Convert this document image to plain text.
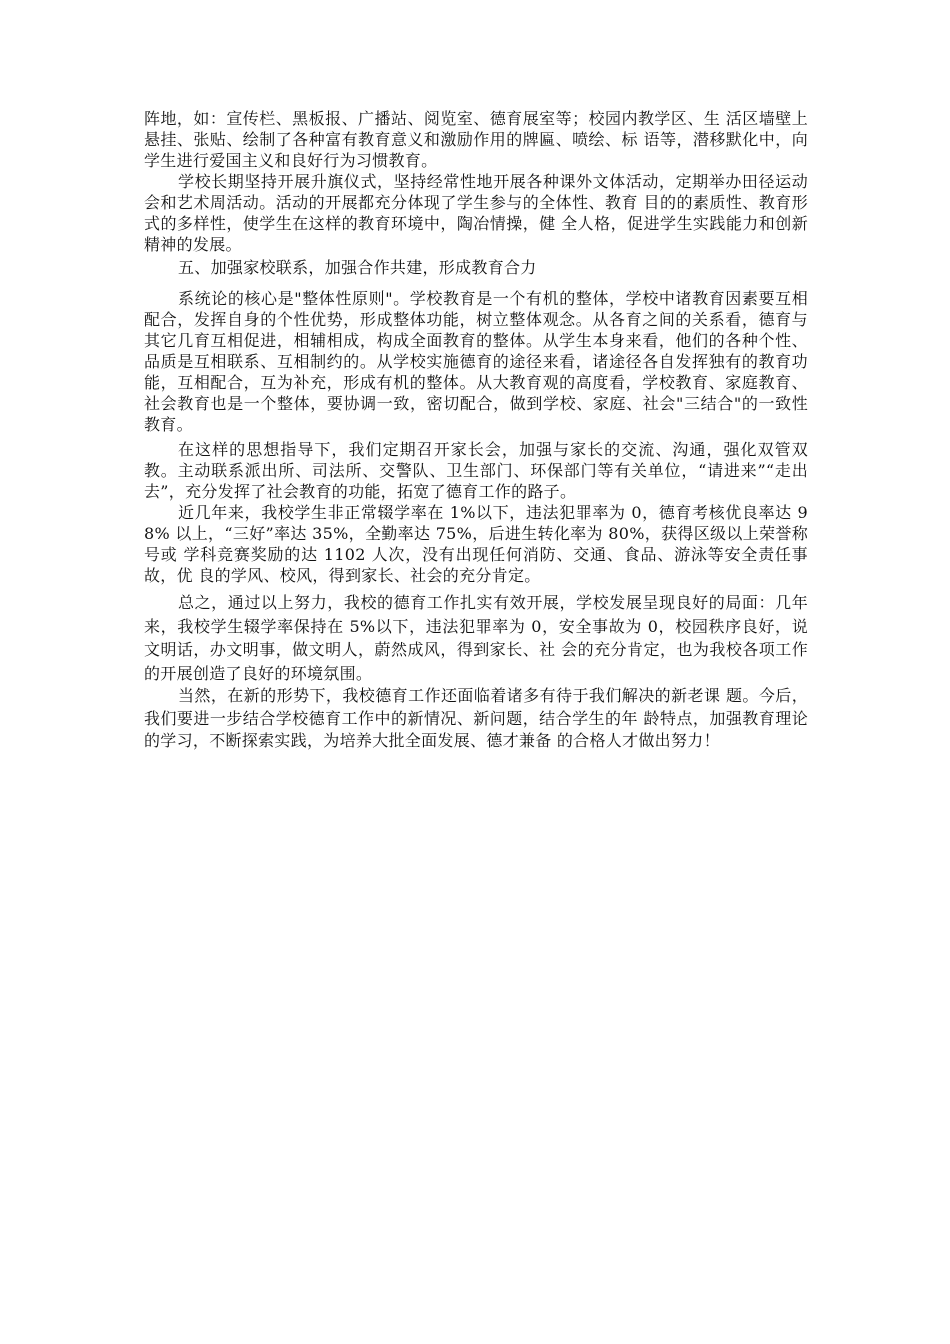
阵地，如：宣传栏、黑板报、广播站、阅览室、德育展室等；校园内教学区、生 活区墙壁上悬挂、张贴、绘制了各种富有教育意义和激励作用的牌匾、喷绘、标 语等，潜移默化中，向学生进行爱国主义和良好行为习惯教育。

学校长期坚持开展升旗仪式，坚持经常性地开展各种课外文体活动，定期举办田径运动会和艺术周活动。活动的开展都充分体现了学生参与的全体性、教育 目的的素质性、教育形式的多样性，使学生在这样的教育环境中，陶冶情操，健 全人格，促进学生实践能力和创新精神的发展。

五、加强家校联系，加强合作共建，形成教育合力

系统论的核心是"整体性原则"。学校教育是一个有机的整体，学校中诸教育因素要互相配合，发挥自身的个性优势，形成整体功能，树立整体观念。从各育之间的关系看，德育与其它几育互相促进，相辅相成，构成全面教育的整体。从学生本身来看，他们的各种个性、品质是互相联系、互相制约的。从学校实施德育的途径来看，诸途径各自发挥独有的教育功能，互相配合，互为补充，形成有机的整体。从大教育观的高度看，学校教育、家庭教育、社会教育也是一个整体，要协调一致，密切配合，做到学校、家庭、社会"三结合"的一致性教育。

在这样的思想指导下，我们定期召开家长会，加强与家长的交流、沟通，强化双管双教。主动联系派出所、司法所、交警队、卫生部门、环保部门等有关单位，“请进来”“走出去”，充分发挥了社会教育的功能，拓宽了德育工作的路子。

近几年来，我校学生非正常辍学率在 1%以下，违法犯罪率为 0，德育考核优良率达 98% 以上，“三好”率达 35%，全勤率达 75%，后进生转化率为 80%，获得区级以上荣誉称号或 学科竞赛奖励的达 1102 人次，没有出现任何消防、交通、食品、游泳等安全责任事故，优 良的学风、校风，得到家长、社会的充分肯定。

总之，通过以上努力，我校的德育工作扎实有效开展，学校发展呈现良好的局面：几年来，我校学生辍学率保持在 5%以下，违法犯罪率为 0，安全事故为 0，校园秩序良好，说文明话，办文明事，做文明人，蔚然成风，得到家长、社 会的充分肯定，也为我校各项工作的开展创造了良好的环境氛围。

当然，在新的形势下，我校德育工作还面临着诸多有待于我们解决的新老课 题。今后，我们要进一步结合学校德育工作中的新情况、新问题，结合学生的年 龄特点，加强教育理论的学习，不断探索实践，为培养大批全面发展、德才兼备 的合格人才做出努力！
